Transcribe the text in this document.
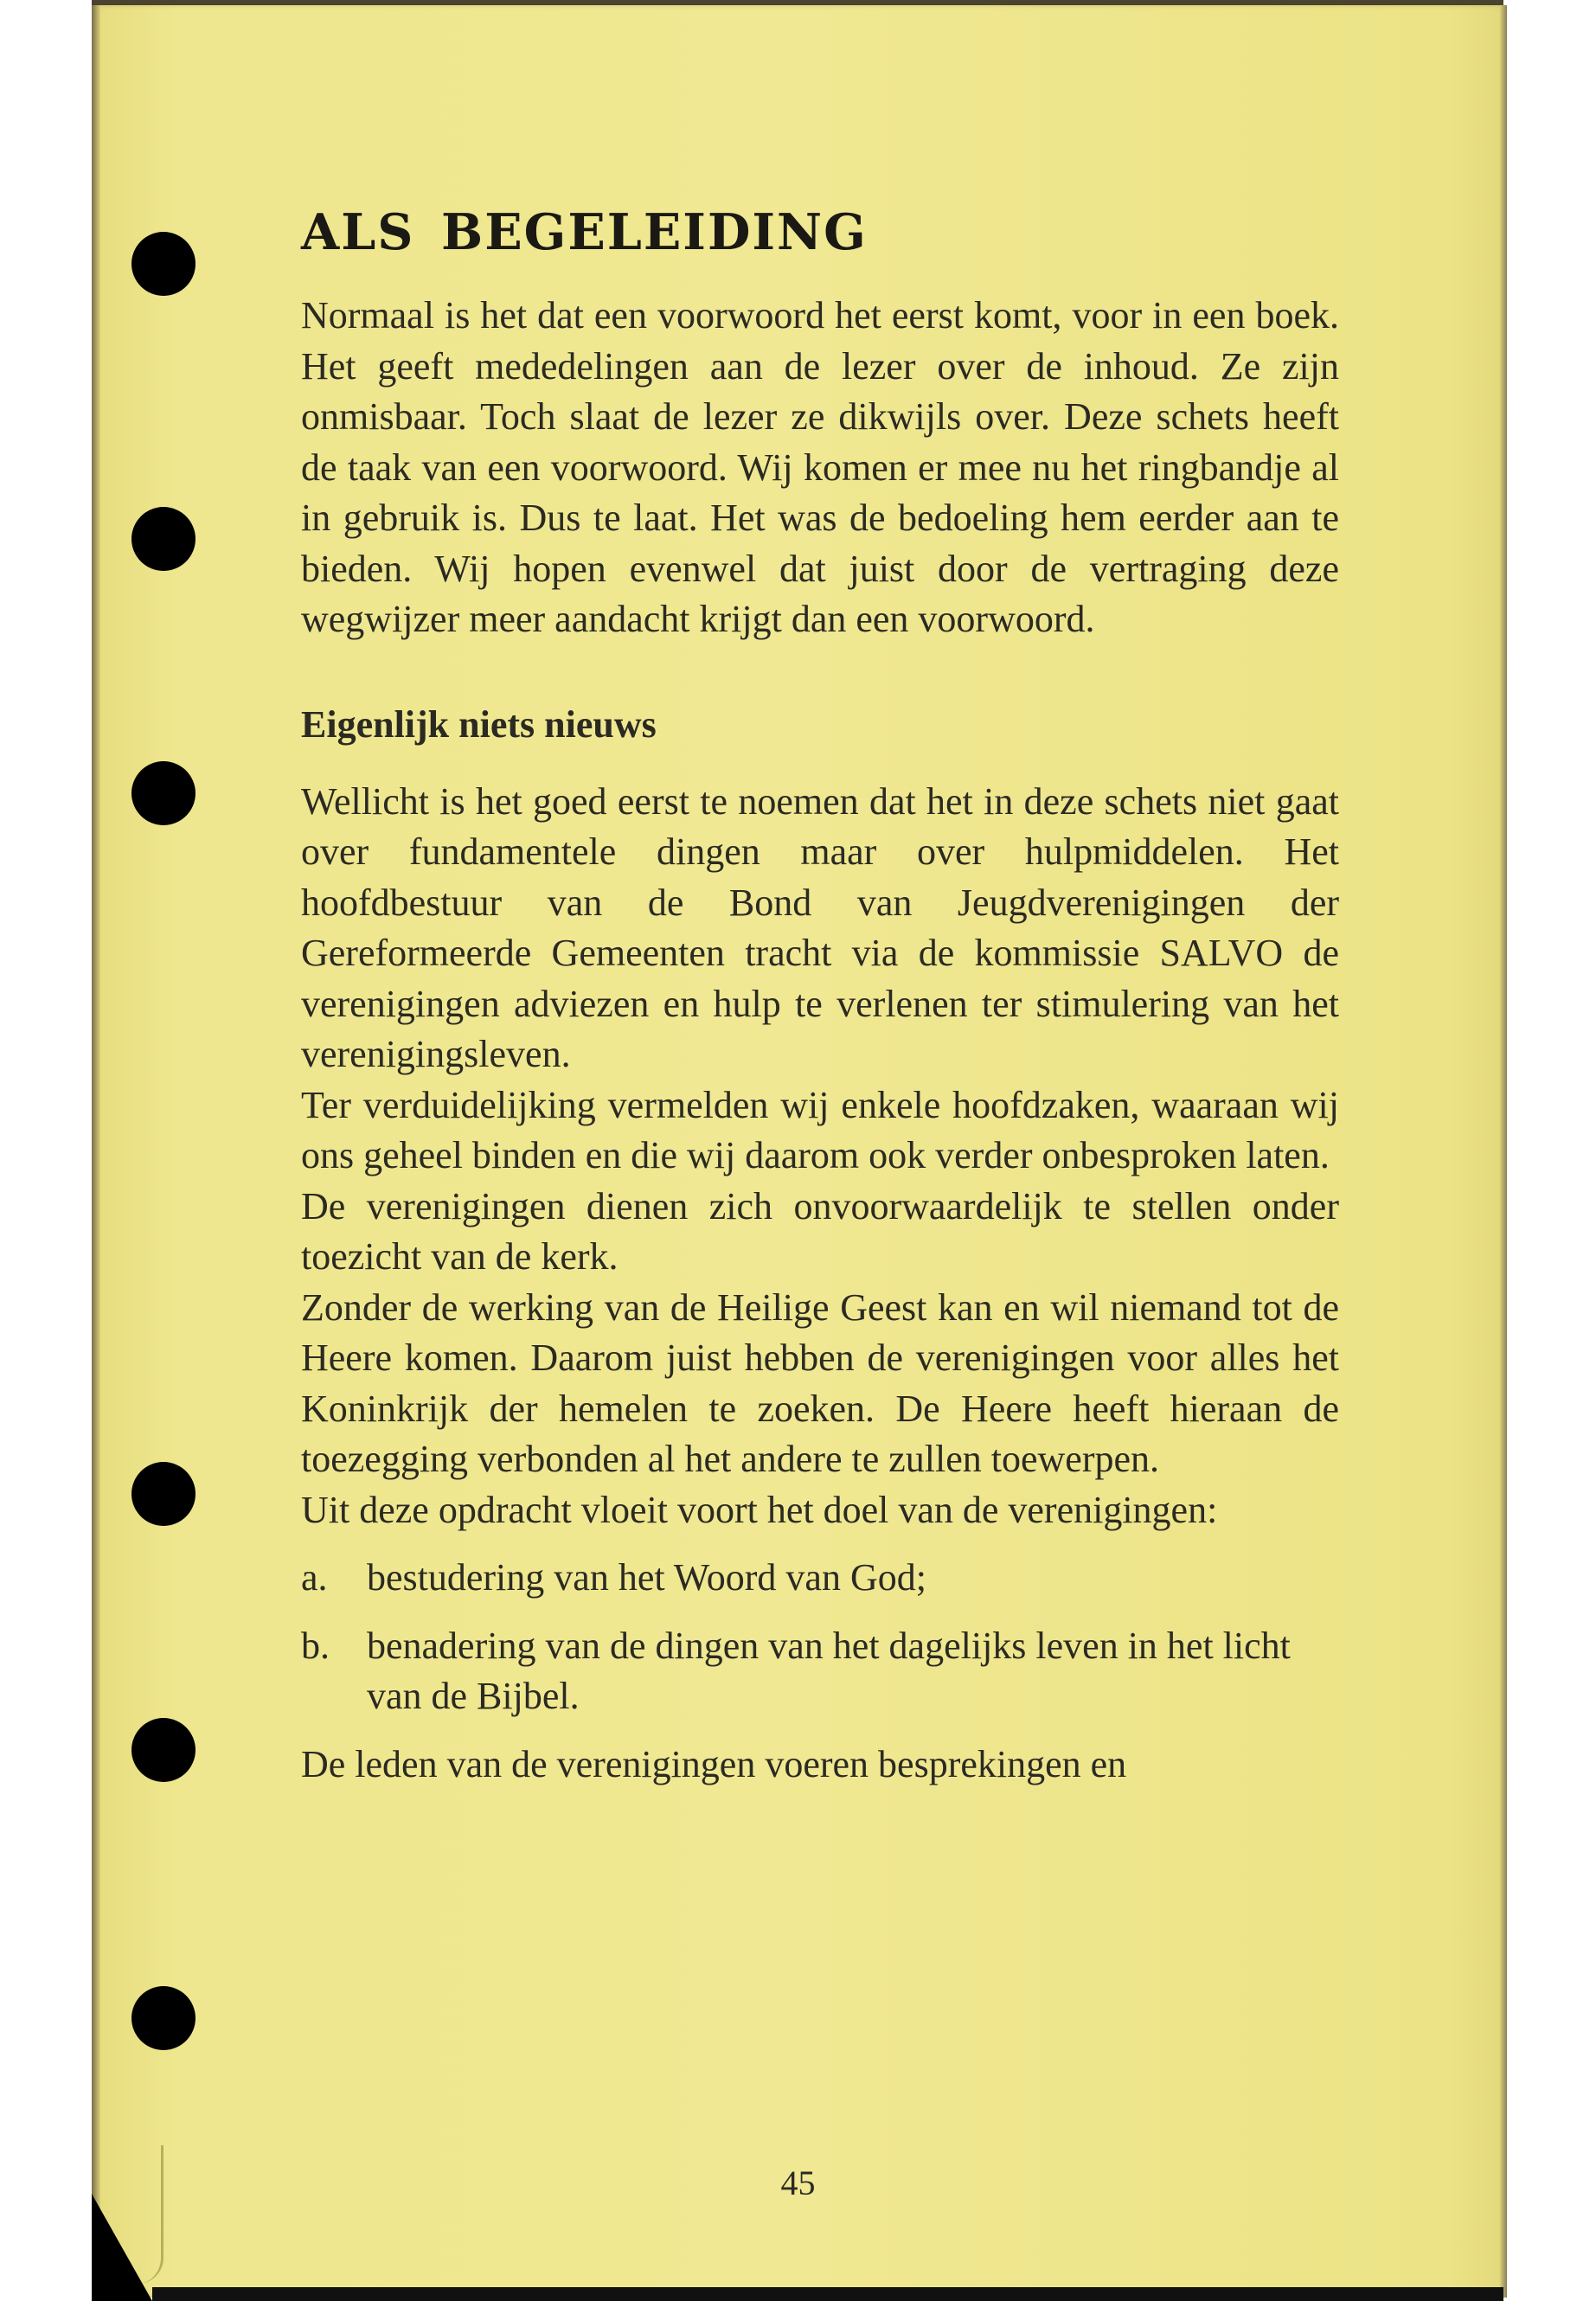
als begeleiding

Normaal is het dat een voorwoord het eerst komt, voor in een boek. Het geeft mededelingen aan de lezer over de inhoud. Ze zijn onmisbaar. Toch slaat de lezer ze dikwijls over. Deze schets heeft de taak van een voorwoord. Wij komen er mee nu het ringbandje al in gebruik is. Dus te laat. Het was de bedoeling hem eerder aan te bieden. Wij hopen evenwel dat juist door de vertraging deze wegwijzer meer aandacht krijgt dan een voorwoord.

Eigenlijk niets nieuws

Wellicht is het goed eerst te noemen dat het in deze schets niet gaat over fundamentele dingen maar over hulpmiddelen. Het hoofdbestuur van de Bond van Jeugdverenigingen der Gereformeerde Gemeenten tracht via de kommissie SALVO de verenigingen adviezen en hulp te verlenen ter stimulering van het verenigingsleven.

Ter verduidelijking vermelden wij enkele hoofdzaken, waaraan wij ons geheel binden en die wij daarom ook verder onbesproken laten.

De verenigingen dienen zich onvoorwaardelijk te stellen onder toezicht van de kerk.

Zonder de werking van de Heilige Geest kan en wil niemand tot de Heere komen. Daarom juist hebben de verenigingen voor alles het Koninkrijk der hemelen te zoeken. De Heere heeft hieraan de toezegging verbonden al het andere te zullen toewerpen.

Uit deze opdracht vloeit voort het doel van de verenigingen:

a.	bestudering van het Woord van God;
b. benadering van de dingen van het dagelijks leven in het licht van de Bijbel.

De leden van de verenigingen voeren besprekingen en

45
